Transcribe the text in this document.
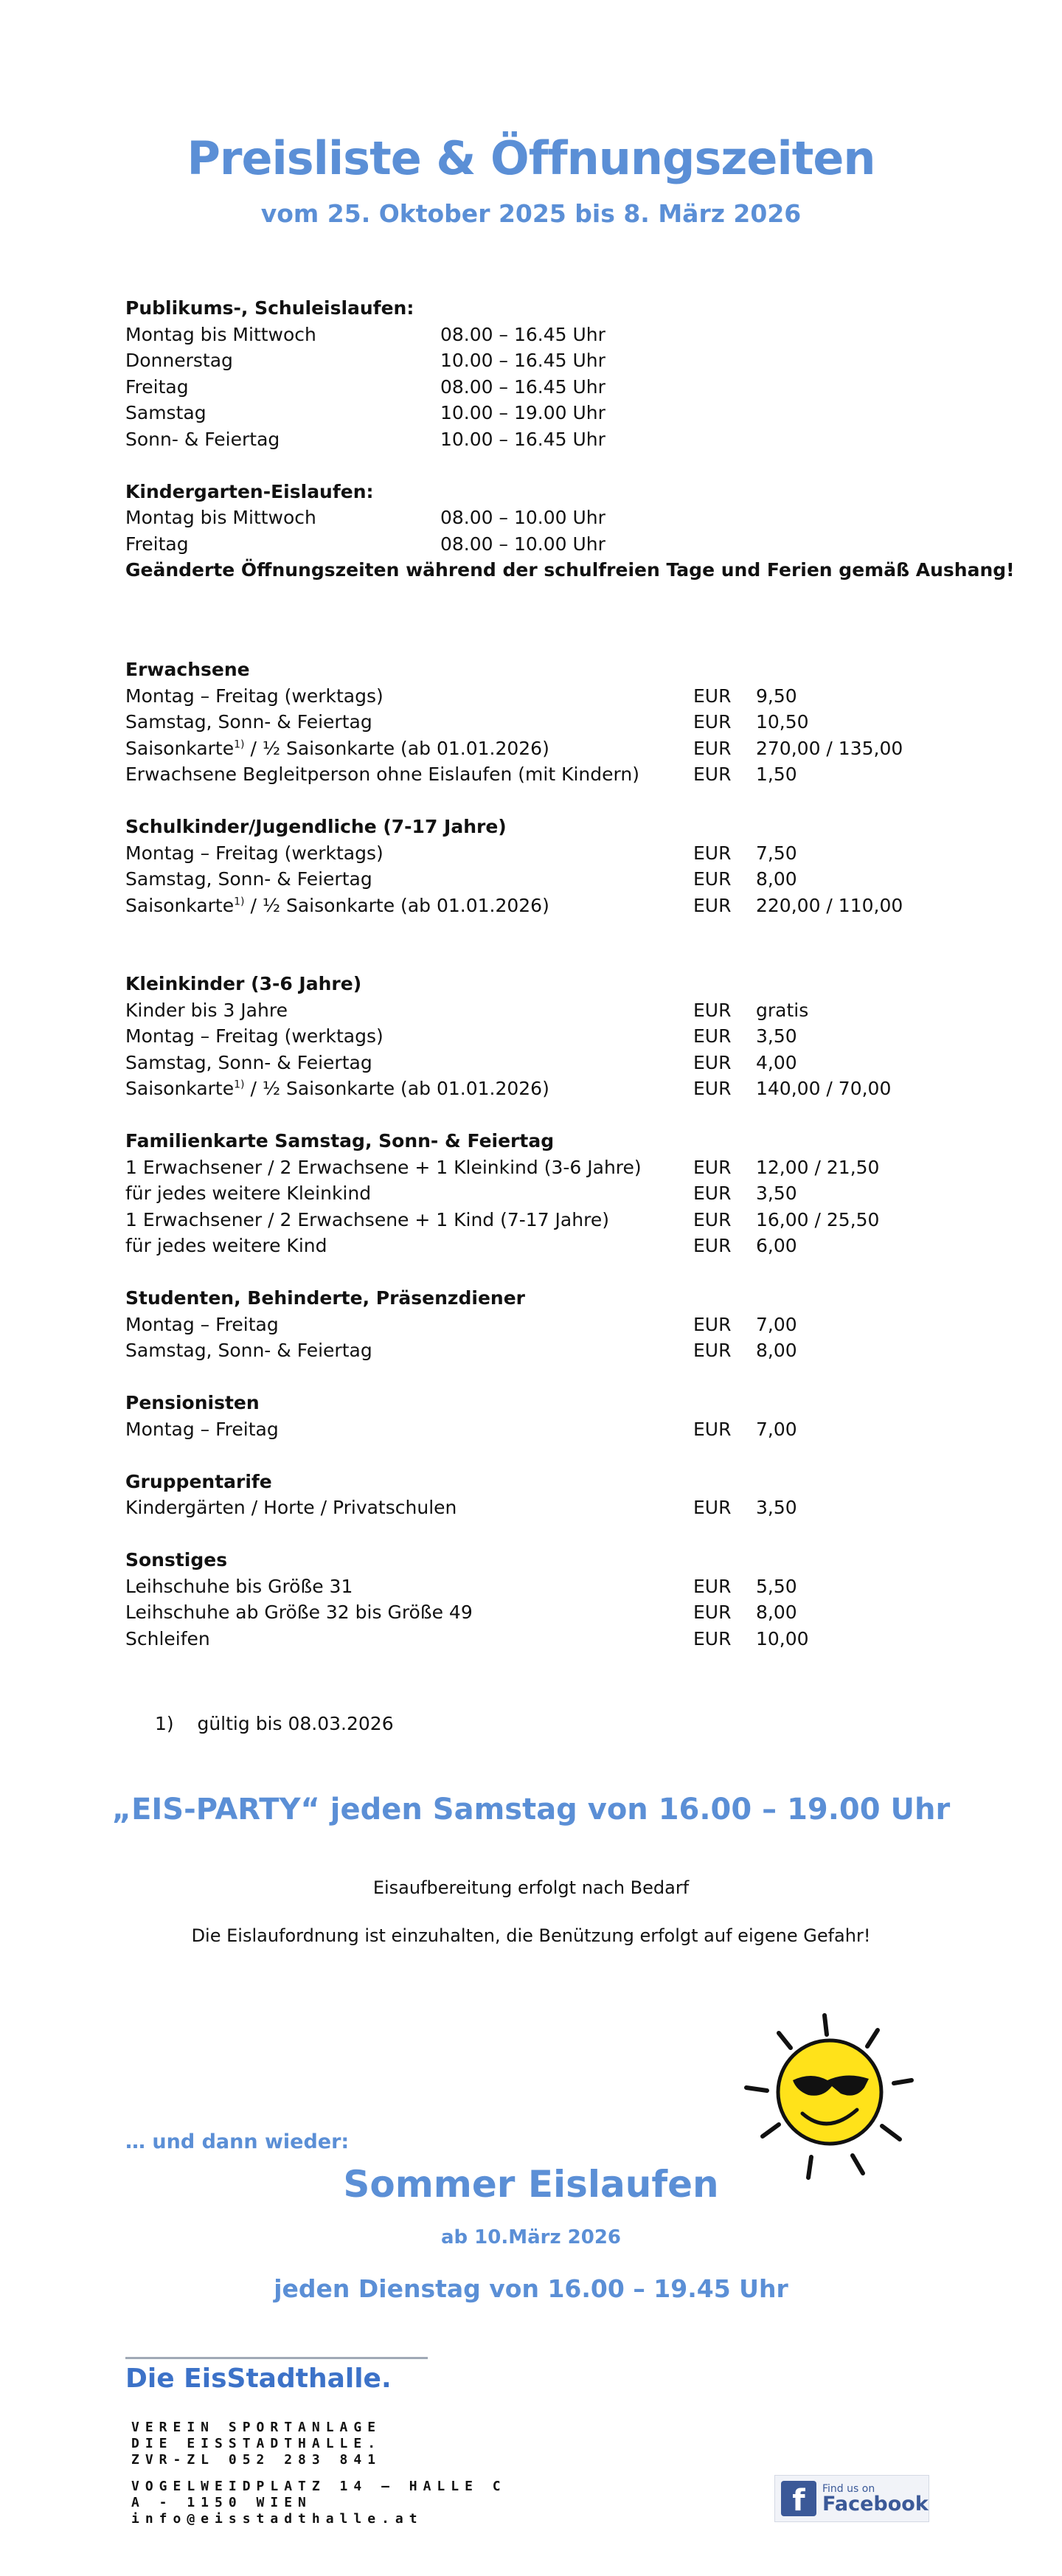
Preisliste & Öffnungszeiten
vom 25. Oktober 2025 bis 8. März 2026
Publikums-, Schuleislaufen:
Montag bis Mittwoch	08.00 – 16.45 Uhr
Donnerstag	10.00 – 16.45 Uhr
Freitag	08.00 – 16.45 Uhr
Samstag	10.00 – 19.00 Uhr
Sonn- & Feiertag	10.00 – 16.45 Uhr
Kindergarten-Eislaufen:
Montag bis Mittwoch	08.00 – 10.00 Uhr
Freitag	08.00 – 10.00 Uhr
Geänderte Öffnungszeiten während der schulfreien Tage und Ferien gemäß Aushang!
Erwachsene
Montag – Freitag (werktags)	EUR 9,50
Samstag, Sonn- & Feiertag	EUR 10,50
Saisonkarte$^{1)}$ / ½ Saisonkarte (ab 01.01.2026)	EUR 270,00 / 135,00
Erwachsene Begleitperson ohne Eislaufen (mit Kindern)	EUR 1,50
Schulkinder/Jugendliche (7-17 Jahre)
Montag – Freitag (werktags)	EUR 7,50
Samstag, Sonn- & Feiertag	EUR 8,00
Saisonkarte$^{1)}$ / ½ Saisonkarte (ab 01.01.2026)	EUR 220,00 / 110,00
Kleinkinder (3-6 Jahre)
Kinder bis 3 Jahre	EUR gratis
Montag – Freitag (werktags)	EUR 3,50
Samstag, Sonn- & Feiertag	EUR 4,00
Saisonkarte$^{1)}$ / ½ Saisonkarte (ab 01.01.2026)	EUR 140,00 / 70,00
Familienkarte Samstag, Sonn- & Feiertag
1 Erwachsener / 2 Erwachsene + 1 Kleinkind (3-6 Jahre)	EUR 12,00 / 21,50
für jedes weitere Kleinkind	EUR 3,50
1 Erwachsener / 2 Erwachsene + 1 Kind (7-17 Jahre)	EUR 16,00 / 25,50
für jedes weitere Kind	EUR 6,00
Studenten, Behinderte, Präsenzdiener
Montag – Freitag	EUR 7,00
Samstag, Sonn- & Feiertag	EUR 8,00
Pensionisten
Montag – Freitag	EUR 7,00
Gruppentarife
Kindergärten / Horte / Privatschulen	EUR 3,50
Sonstiges
Leihschuhe bis Größe 31	EUR 5,50
Leihschuhe ab Größe 32 bis Größe 49	EUR 8,00
Schleifen	EUR 10,00
1) gültig bis 08.03.2026
„EIS-PARTY“ jeden Samstag von 16.00 – 19.00 Uhr
Eisaufbereitung erfolgt nach Bedarf
Die Eislaufordnung ist einzuhalten, die Benützung erfolgt auf eigene Gefahr!
… und dann wieder:
Sommer Eislaufen
ab 10.März 2026
jeden Dienstag von 16.00 – 19.45 Uhr
Die EisStadthalle.
VEREIN SPORTANLAGE
DIE EISSTADTHALLE.
ZVR-ZL 052 283 841
VOGELWEIDPLATZ 14 – HALLE C
A - 1150 WIEN
info@eisstadthalle.at
f	Find us on
Facebook
